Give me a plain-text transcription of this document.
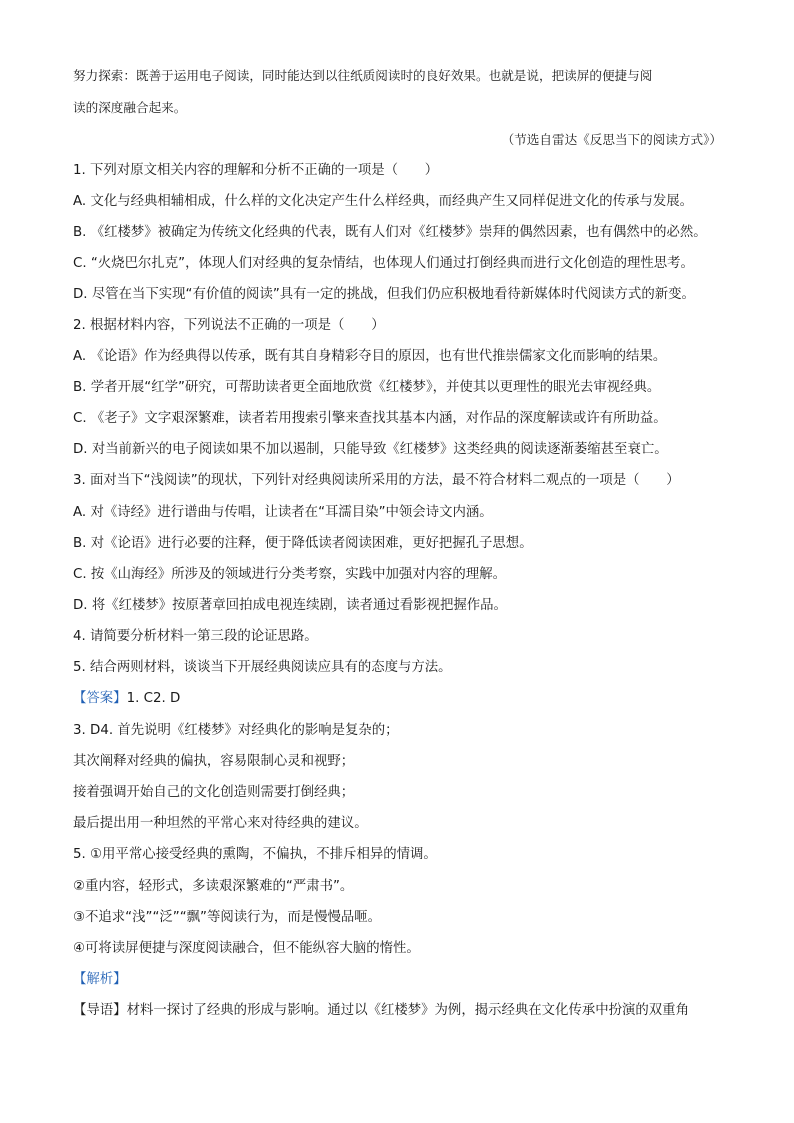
努力探索：既善于运用电子阅读，同时能达到以往纸质阅读时的良好效果。也就是说，把读屏的便捷与阅
读的深度融合起来。
（节选自雷达《反思当下的阅读方式》）
1. 下列对原文相关内容的理解和分析不正确的一项是（　　）
A. 文化与经典相辅相成，什么样的文化决定产生什么样经典，而经典产生又同样促进文化的传承与发展。
B. 《红楼梦》被确定为传统文化经典的代表，既有人们对《红楼梦》崇拜的偶然因素，也有偶然中的必然。
C. “火烧巴尔扎克”，体现人们对经典的复杂情结，也体现人们通过打倒经典而进行文化创造的理性思考。
D. 尽管在当下实现“有价值的阅读”具有一定的挑战，但我们仍应积极地看待新媒体时代阅读方式的新变。
2. 根据材料内容，下列说法不正确的一项是（　　）
A. 《论语》作为经典得以传承，既有其自身精彩夺目的原因，也有世代推崇儒家文化而影响的结果。
B. 学者开展“红学”研究，可帮助读者更全面地欣赏《红楼梦》，并使其以更理性的眼光去审视经典。
C. 《老子》文字艰深繁难，读者若用搜索引擎来查找其基本内涵，对作品的深度解读或许有所助益。
D. 对当前新兴的电子阅读如果不加以遏制，只能导致《红楼梦》这类经典的阅读逐渐萎缩甚至衰亡。
3. 面对当下“浅阅读”的现状，下列针对经典阅读所采用的方法，最不符合材料二观点的一项是（　　）
A. 对《诗经》进行谱曲与传唱，让读者在“耳濡目染”中领会诗文内涵。
B. 对《论语》进行必要的注释，便于降低读者阅读困难，更好把握孔子思想。
C. 按《山海经》所涉及的领域进行分类考察，实践中加强对内容的理解。
D. 将《红楼梦》按原著章回拍成电视连续剧，读者通过看影视把握作品。
4. 请简要分析材料一第三段的论证思路。
5. 结合两则材料，谈谈当下开展经典阅读应具有的态度与方法。
【答案】1. C2. D
3. D4. 首先说明《红楼梦》对经典化的影响是复杂的；
其次阐释对经典的偏执，容易限制心灵和视野；
接着强调开始自己的文化创造则需要打倒经典；
最后提出用一种坦然的平常心来对待经典的建议。
5. ①用平常心接受经典的熏陶，不偏执，不排斥相异的情调。
②重内容，轻形式，多读艰深繁难的“严肃书”。
③不追求“浅”“泛”“飘”等阅读行为，而是慢慢品咂。
④可将读屏便捷与深度阅读融合，但不能纵容大脑的惰性。
【解析】
【导语】材料一探讨了经典的形成与影响。通过以《红楼梦》为例，揭示经典在文化传承中扮演的双重角
